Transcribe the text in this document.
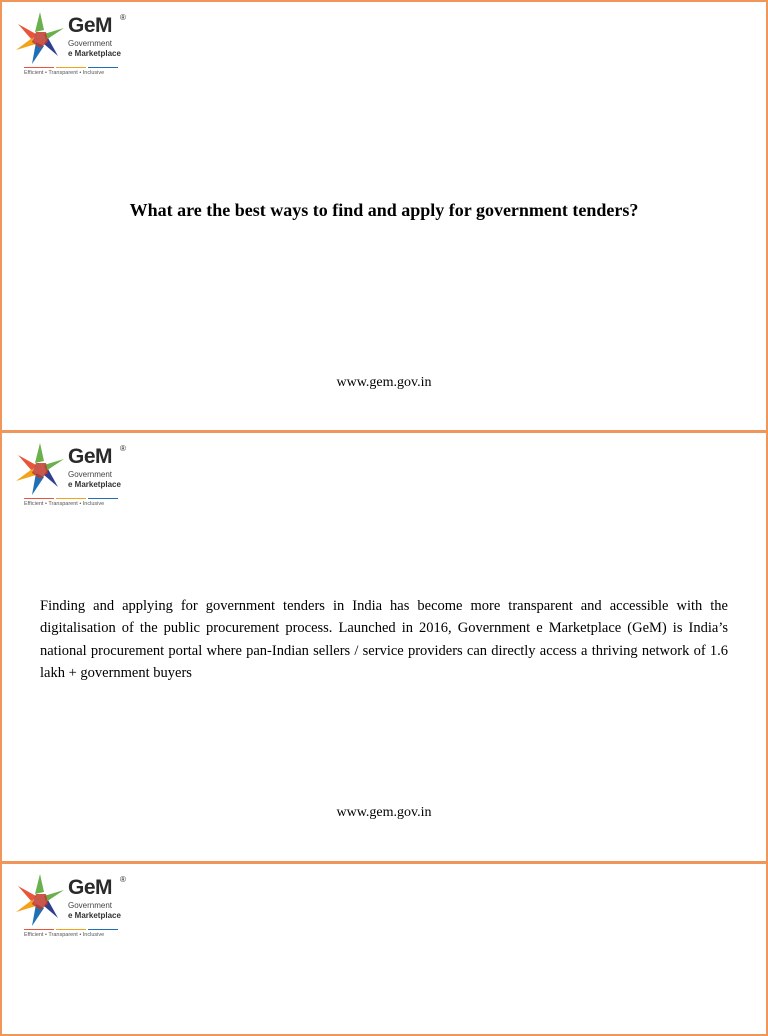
GeM ®
Government
e Marketplace
Efficient • Transparent • Inclusive
What are the best ways to find and apply for government tenders?
www.gem.gov.in
GeM ®
Government
e Marketplace
Efficient • Transparent • Inclusive
Finding and applying for government tenders in India has become more transparent and accessible with the digitalisation of the public procurement process. Launched in 2016, Government e Marketplace (GeM) is India’s national procurement portal where pan-Indian sellers / service providers can directly access a thriving network of 1.6 lakh + government buyers
www.gem.gov.in
GeM ®
Government
e Marketplace
Efficient • Transparent • Inclusive
